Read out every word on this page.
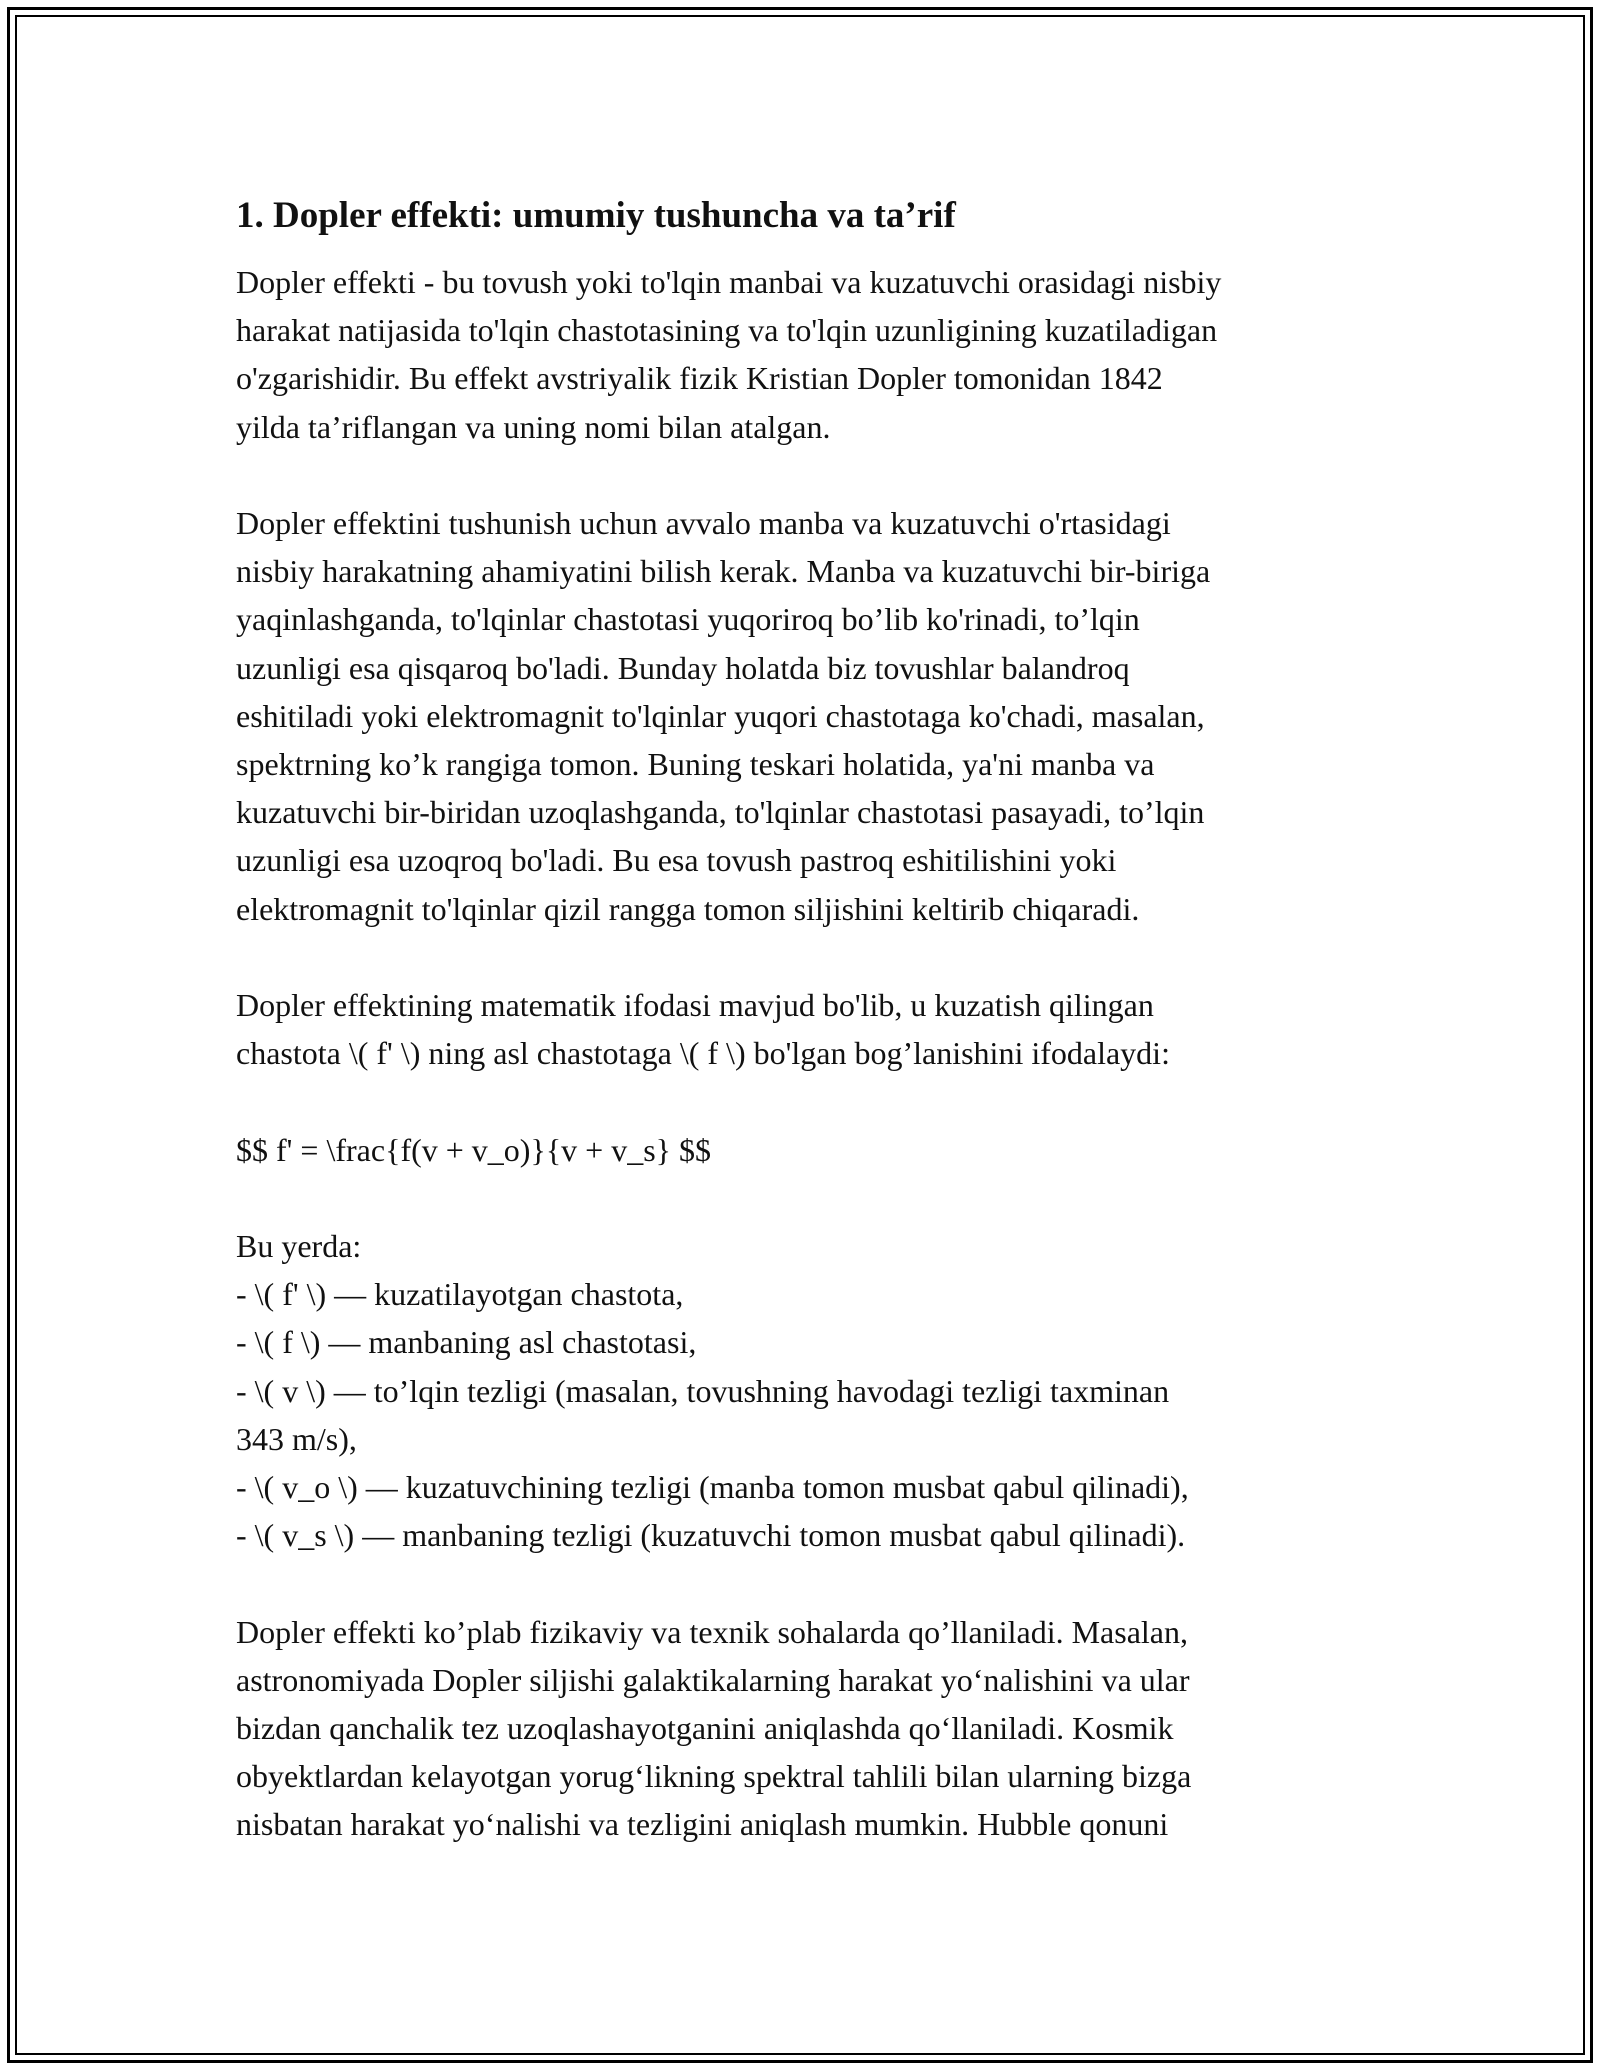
1. Dopler effekti: umumiy tushuncha va ta’rif

Dopler effekti - bu tovush yoki to'lqin manbai va kuzatuvchi orasidagi nisbiy
harakat natijasida to'lqin chastotasining va to'lqin uzunligining kuzatiladigan
o'zgarishidir. Bu effekt avstriyalik fizik Kristian Dopler tomonidan 1842
yilda ta’riflangan va uning nomi bilan atalgan.

Dopler effektini tushunish uchun avvalo manba va kuzatuvchi o'rtasidagi
nisbiy harakatning ahamiyatini bilish kerak. Manba va kuzatuvchi bir-biriga
yaqinlashganda, to'lqinlar chastotasi yuqoriroq bo’lib ko'rinadi, to’lqin
uzunligi esa qisqaroq bo'ladi. Bunday holatda biz tovushlar balandroq
eshitiladi yoki elektromagnit to'lqinlar yuqori chastotaga ko'chadi, masalan,
spektrning ko’k rangiga tomon. Buning teskari holatida, ya'ni manba va
kuzatuvchi bir-biridan uzoqlashganda, to'lqinlar chastotasi pasayadi, to’lqin
uzunligi esa uzoqroq bo'ladi. Bu esa tovush pastroq eshitilishini yoki
elektromagnit to'lqinlar qizil rangga tomon siljishini keltirib chiqaradi.

Dopler effektining matematik ifodasi mavjud bo'lib, u kuzatish qilingan
chastota \( f' \) ning asl chastotaga \( f \) bo'lgan bog’lanishini ifodalaydi:

$$ f' = \frac{f(v + v_o)}{v + v_s} $$

Bu yerda:

- \( f' \) — kuzatilayotgan chastota,

- \( f \) — manbaning asl chastotasi,

- \( v \) — to’lqin tezligi (masalan, tovushning havodagi tezligi taxminan
343 m/s),

- \( v_o \) — kuzatuvchining tezligi (manba tomon musbat qabul qilinadi),

- \( v_s \) — manbaning tezligi (kuzatuvchi tomon musbat qabul qilinadi).

Dopler effekti ko’plab fizikaviy va texnik sohalarda qo’llaniladi. Masalan,
astronomiyada Dopler siljishi galaktikalarning harakat yo‘nalishini va ular
bizdan qanchalik tez uzoqlashayotganini aniqlashda qo‘llaniladi. Kosmik
obyektlardan kelayotgan yorug‘likning spektral tahlili bilan ularning bizga
nisbatan harakat yo‘nalishi va tezligini aniqlash mumkin. Hubble qonuni
